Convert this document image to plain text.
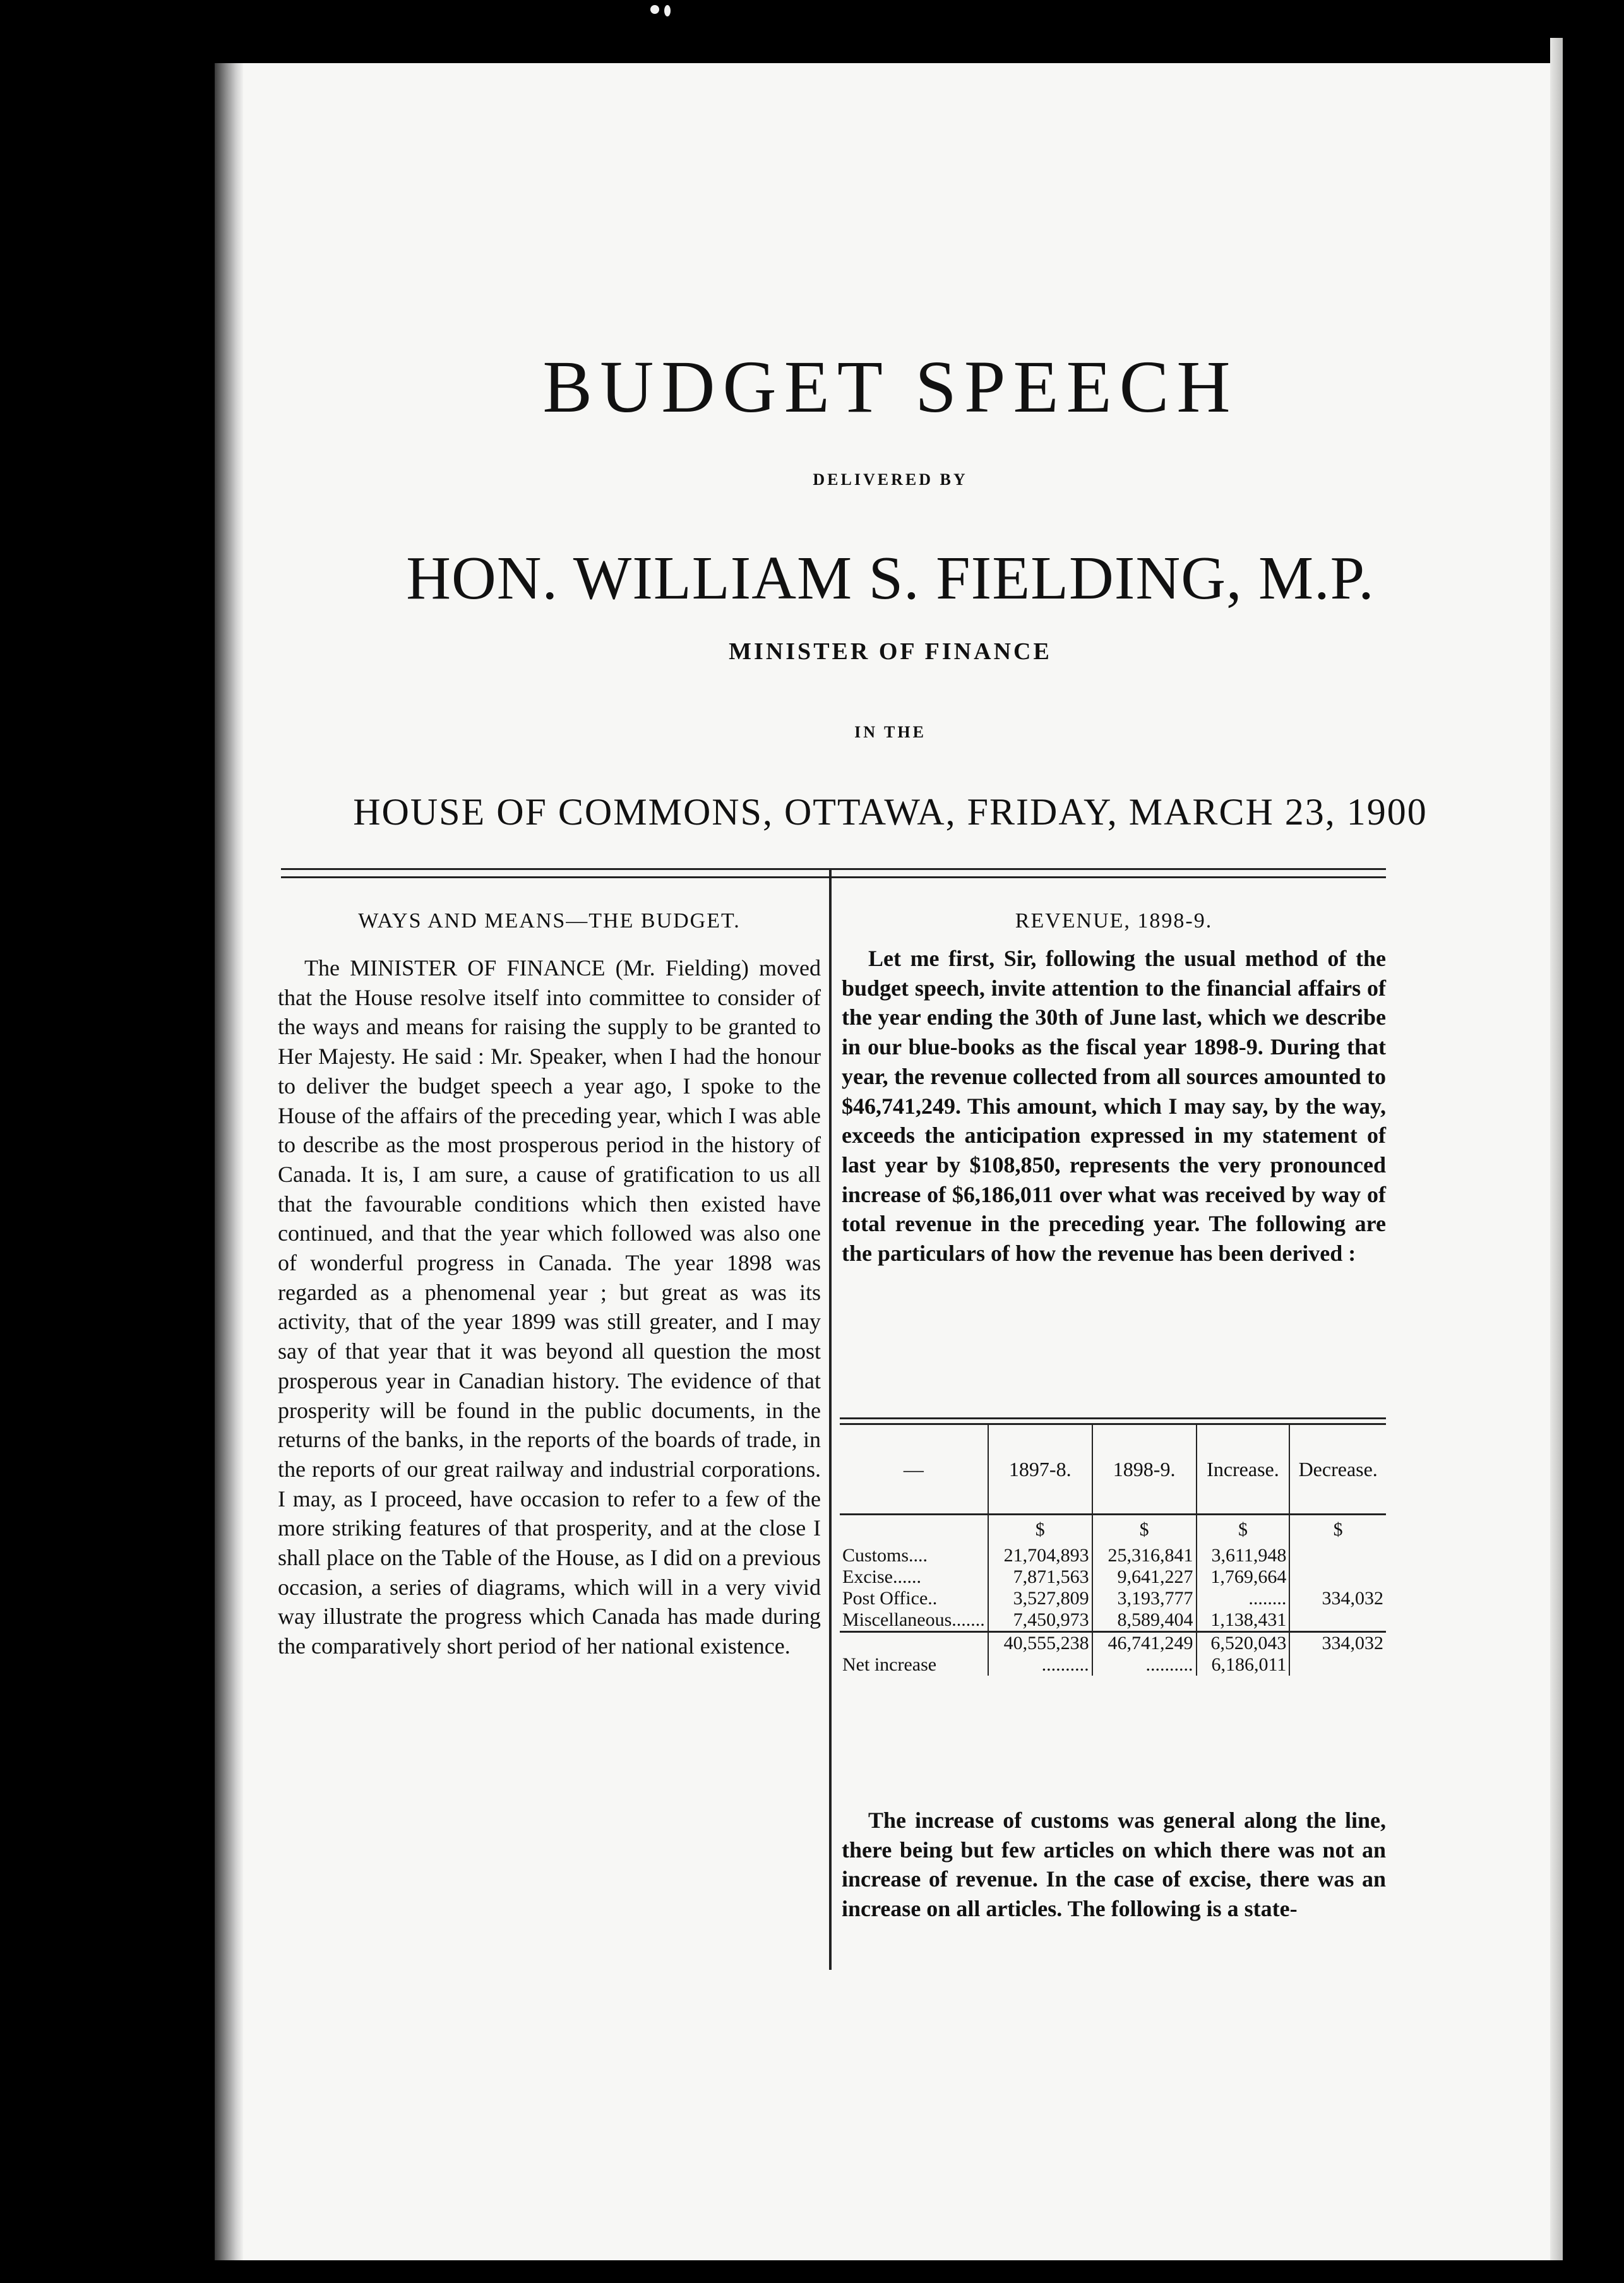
BUDGET SPEECH
DELIVERED BY
HON. WILLIAM S. FIELDING, M.P.
MINISTER OF FINANCE
IN THE
HOUSE OF COMMONS, OTTAWA, FRIDAY, MARCH 23, 1900
WAYS AND MEANS—THE BUDGET.
The MINISTER OF FINANCE (Mr. Fielding) moved that the House resolve itself into committee to consider of the ways and means for raising the supply to be granted to Her Majesty. He said : Mr. Speaker, when I had the honour to deliver the budget speech a year ago, I spoke to the House of the affairs of the preceding year, which I was able to describe as the most prosperous period in the history of Canada. It is, I am sure, a cause of gratification to us all that the favourable conditions which then existed have continued, and that the year which followed was also one of wonderful progress in Canada. The year 1898 was regarded as a phenomenal year ; but great as was its activity, that of the year 1899 was still greater, and I may say of that year that it was beyond all question the most prosperous year in Canadian history. The evidence of that prosperity will be found in the public documents, in the returns of the banks, in the reports of the boards of trade, in the reports of our great railway and industrial corporations. I may, as I proceed, have occasion to refer to a few of the more striking features of that prosperity, and at the close I shall place on the Table of the House, as I did on a previous occasion, a series of diagrams, which will in a very vivid way illustrate the progress which Canada has made during the comparatively short period of her national existence.
REVENUE, 1898-9.
Let me first, Sir, following the usual method of the budget speech, invite attention to the financial affairs of the year ending the 30th of June last, which we describe in our blue-books as the fiscal year 1898-9. During that year, the revenue collected from all sources amounted to $46,741,249. This amount, which I may say, by the way, exceeds the anticipation expressed in my statement of last year by $108,850, represents the very pronounced increase of $6,186,011 over what was received by way of total revenue in the preceding year. The following are the particulars of how the revenue has been derived :
—	1897-8.	1898-9.	Increase.	Decrease.
	$	$	$	$
Customs....	21,704,893	25,316,841	3,611,948	
Excise......	7,871,563	9,641,227	1,769,664	
Post Office..	3,527,809	3,193,777	........	334,032
Miscellaneous.......	7,450,973	8,589,404	1,138,431	
	40,555,238	46,741,249	6,520,043	334,032
Net increase	..........	..........	6,186,011	
The increase of customs was general along the line, there being but few articles on which there was not an increase of revenue. In the case of excise, there was an increase on all articles. The following is a state-
